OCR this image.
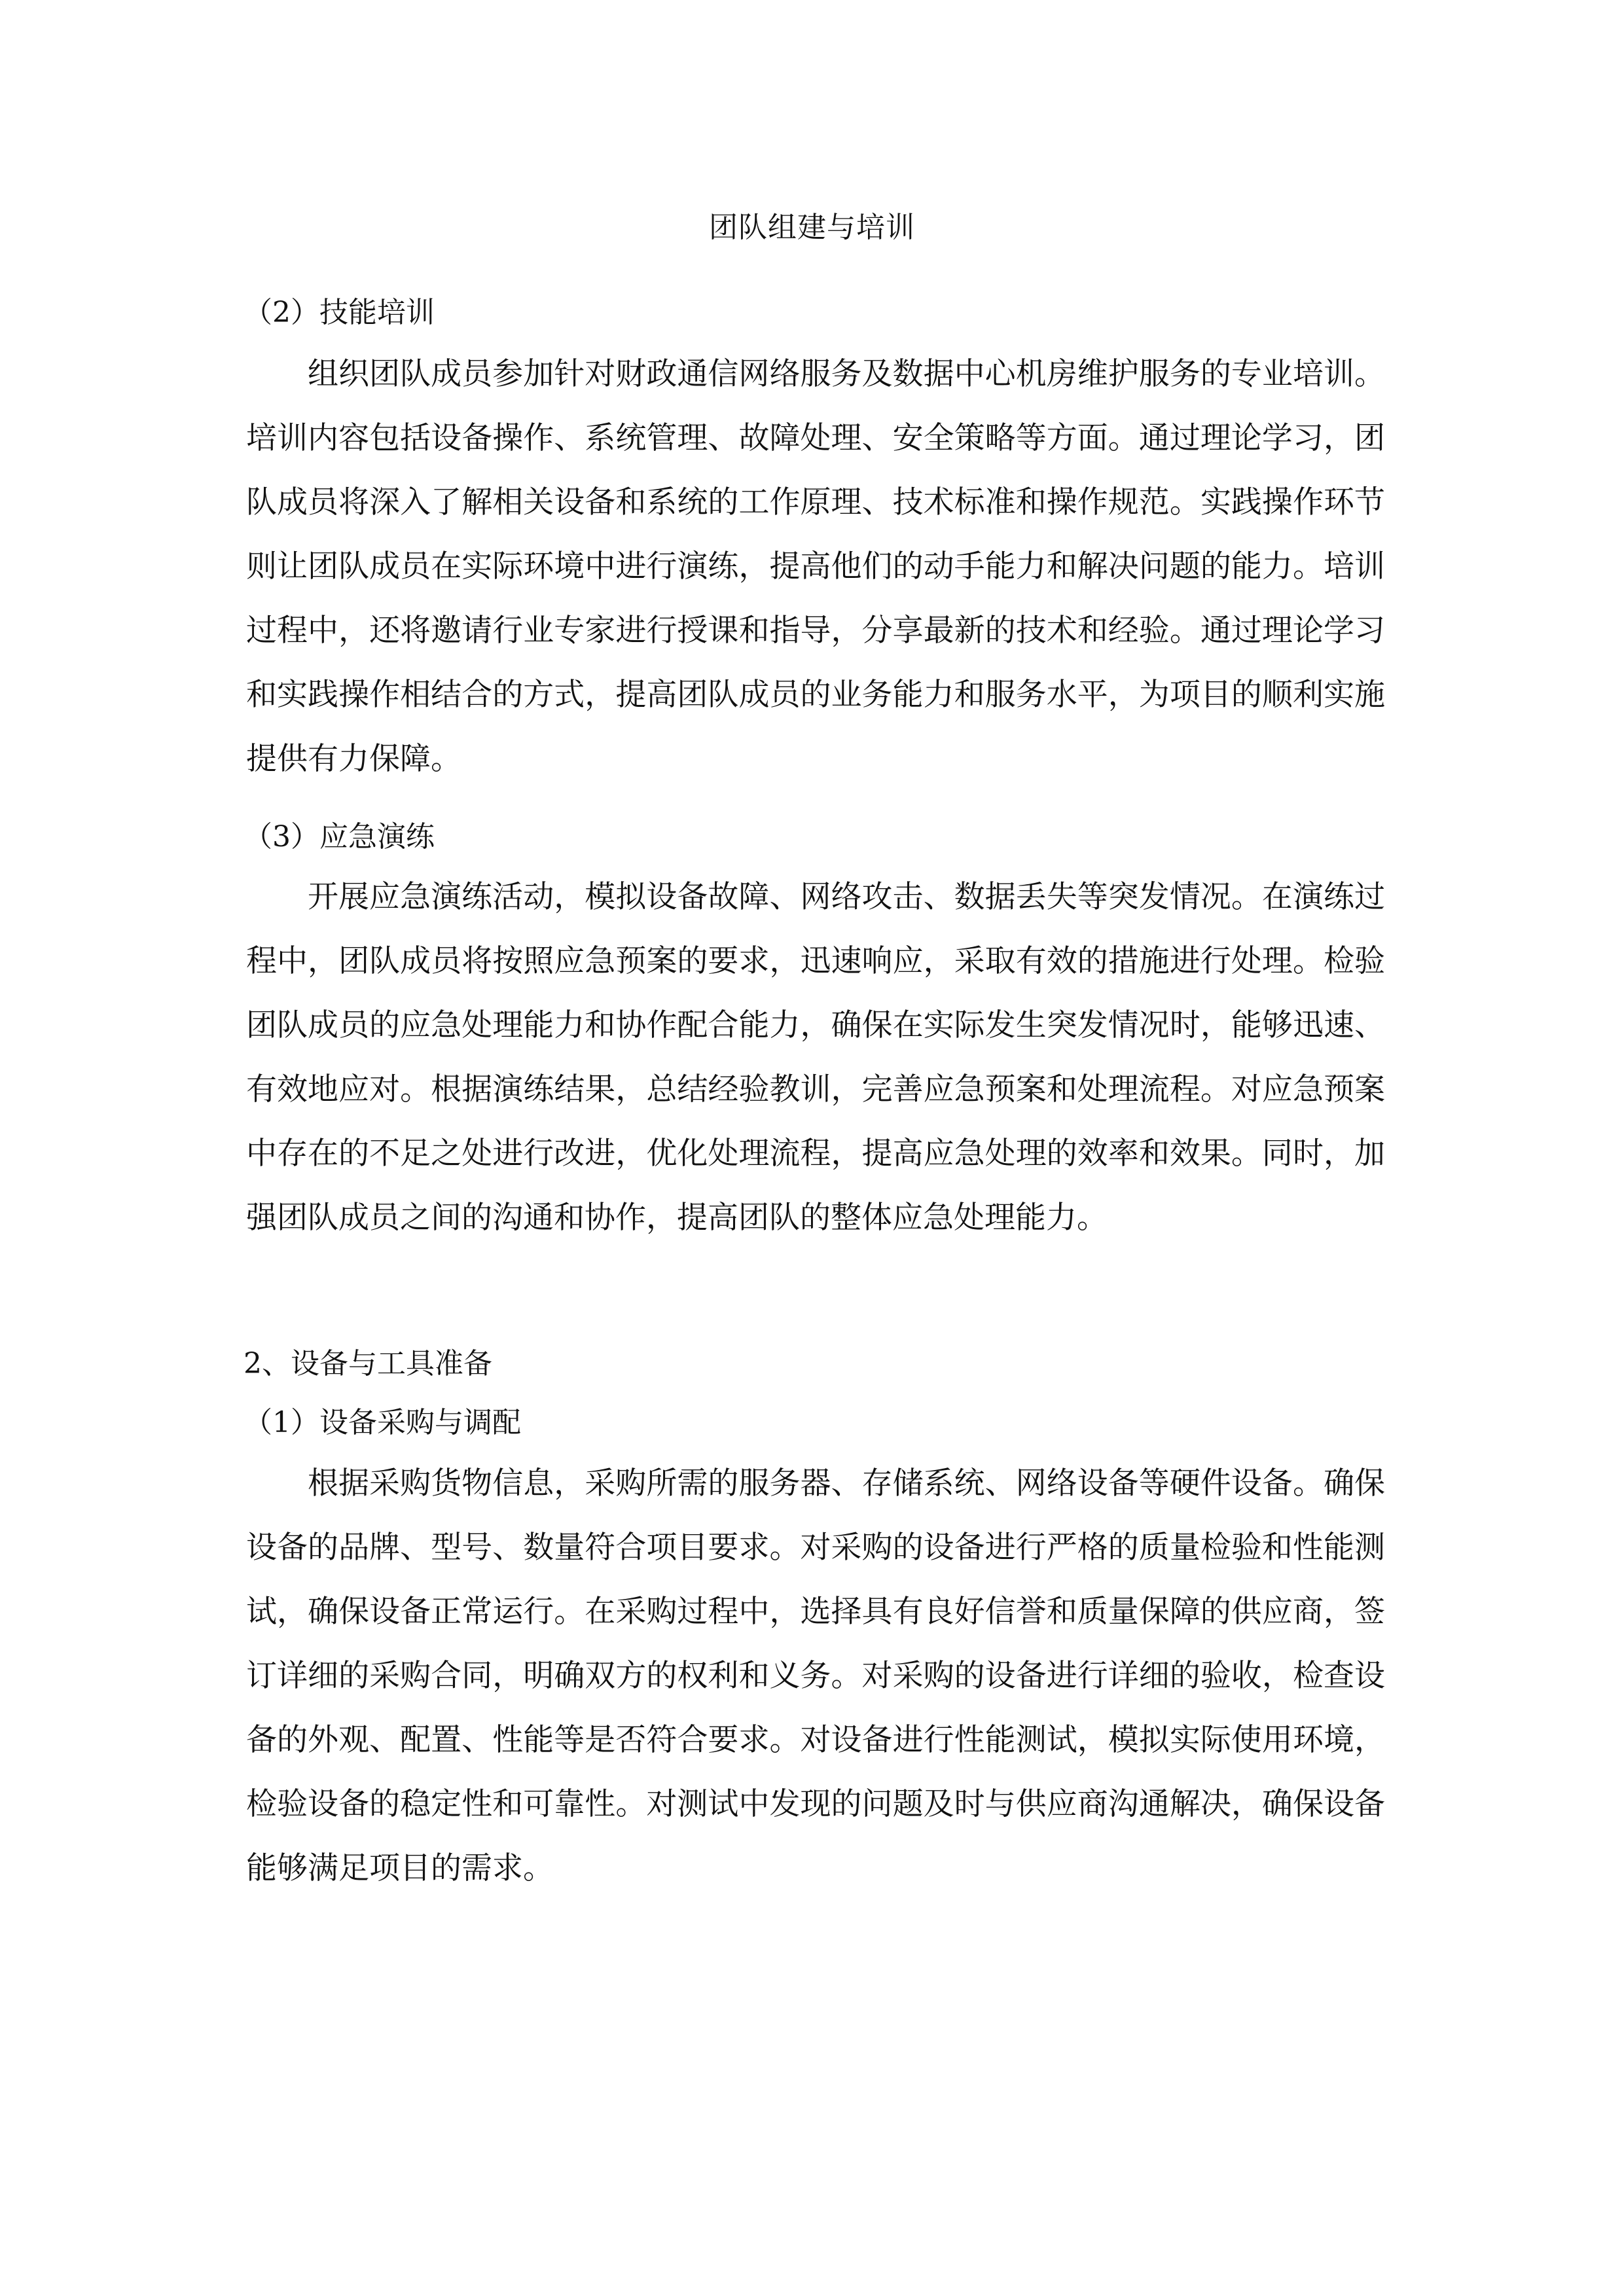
团队组建与培训
（2）技能培训

组织团队成员参加针对财政通信网络服务及数据中心机房维护服务的专业培训。培训内容包括设备操作、系统管理、故障处理、安全策略等方面。通过理论学习，团队成员将深入了解相关设备和系统的工作原理、技术标准和操作规范。实践操作环节则让团队成员在实际环境中进行演练，提高他们的动手能力和解决问题的能力。培训过程中，还将邀请行业专家进行授课和指导，分享最新的技术和经验。通过理论学习和实践操作相结合的方式，提高团队成员的业务能力和服务水平，为项目的顺利实施提供有力保障。

（3）应急演练

开展应急演练活动，模拟设备故障、网络攻击、数据丢失等突发情况。在演练过程中，团队成员将按照应急预案的要求，迅速响应，采取有效的措施进行处理。检验团队成员的应急处理能力和协作配合能力，确保在实际发生突发情况时，能够迅速、有效地应对。根据演练结果，总结经验教训，完善应急预案和处理流程。对应急预案中存在的不足之处进行改进，优化处理流程，提高应急处理的效率和效果。同时，加强团队成员之间的沟通和协作，提高团队的整体应急处理能力。

2、设备与工具准备
（1）设备采购与调配

根据采购货物信息，采购所需的服务器、存储系统、网络设备等硬件设备。确保设备的品牌、型号、数量符合项目要求。对采购的设备进行严格的质量检验和性能测试，确保设备正常运行。在采购过程中，选择具有良好信誉和质量保障的供应商，签订详细的采购合同，明确双方的权利和义务。对采购的设备进行详细的验收，检查设备的外观、配置、性能等是否符合要求。对设备进行性能测试，模拟实际使用环境，检验设备的稳定性和可靠性。对测试中发现的问题及时与供应商沟通解决，确保设备能够满足项目的需求。
